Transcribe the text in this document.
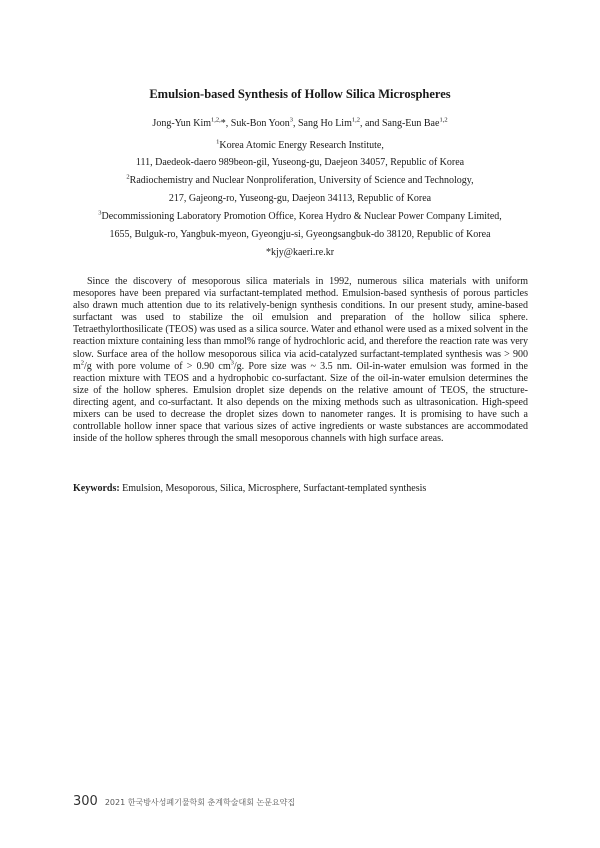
Emulsion-based Synthesis of Hollow Silica Microspheres
Jong-Yun Kim$^{1,2,}$*, Suk-Bon Yoon$^3$, Sang Ho Lim$^{1,2}$, and Sang-Eun Bae$^{1,2}$
$^1$Korea Atomic Energy Research Institute,
111, Daedeok-daero 989beon-gil, Yuseong-gu, Daejeon 34057, Republic of Korea
$^2$Radiochemistry and Nuclear Nonproliferation, University of Science and Technology,
217, Gajeong-ro, Yuseong-gu, Daejeon 34113, Republic of Korea
$^3$Decommissioning Laboratory Promotion Office, Korea Hydro & Nuclear Power Company Limited,
1655, Bulguk-ro, Yangbuk-myeon, Gyeongju-si, Gyeongsangbuk-do 38120, Republic of Korea
*kjy@kaeri.re.kr

Since the discovery of mesoporous silica materials in 1992, numerous silica materials with uniform mesopores have been prepared via surfactant-templated method. Emulsion-based synthesis of porous particles also drawn much attention due to its relatively-benign synthesis conditions. In our present study, amine-based surfactant was used to stabilize the oil emulsion and preparation of the hollow silica sphere. Tetraethylorthosilicate (TEOS) was used as a silica source. Water and ethanol were used as a mixed solvent in the reaction mixture containing less than mmol% range of hydrochloric acid, and therefore the reaction rate was very slow. Surface area of the hollow mesoporous silica via acid-catalyzed surfactant-templated synthesis was > 900 $m^2/g$ with pore volume of > 0.90 $cm^3/g$. Pore size was ~ 3.5 nm. Oil-in-water emulsion was formed in the reaction mixture with TEOS and a hydrophobic co-surfactant. Size of the oil-in-water emulsion determines the size of the hollow spheres. Emulsion droplet size depends on the relative amount of TEOS, the structure-directing agent, and co-surfactant. It also depends on the mixing methods such as ultrasonication. High-speed mixers can be used to decrease the droplet sizes down to nanometer ranges. It is promising to have such a controllable hollow inner space that various sizes of active ingredients or waste substances are accommodated inside of the hollow spheres through the small mesoporous channels with high surface areas.

Keywords: Emulsion, Mesoporous, Silica, Microsphere, Surfactant-templated synthesis

300 2021 한국방사성폐기물학회 춘계학술대회 논문요약집
